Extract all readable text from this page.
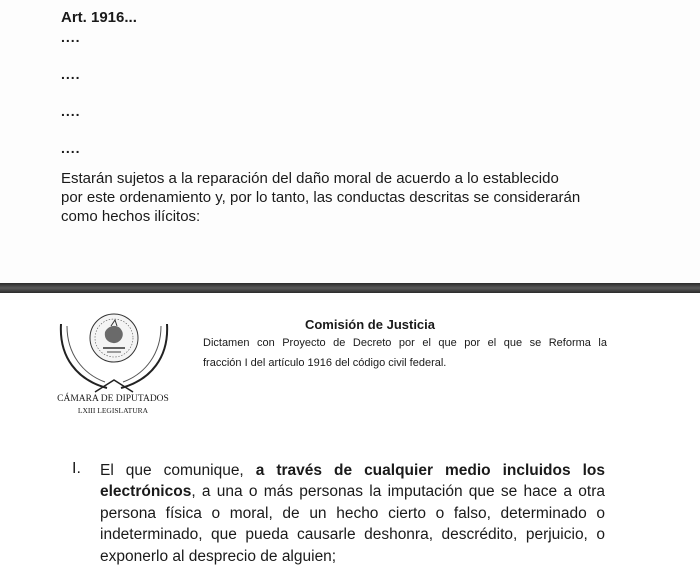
Art. 1916...

....
....
....
....

Estarán sujetos a la reparación del daño moral de acuerdo a lo establecido
por este ordenamiento y, por lo tanto, las conductas descritas se considerarán
como hechos ilícitos:

CÁMARA DE DIPUTADOS

LXIII LEGISLATURA

Comisión de Justicia

Dictamen con Proyecto de Decreto por el que por el que se Reforma la
fracción I del artículo 1916 del código civil federal.

I. El que comunique, a través de cualquier medio incluidos los
electrónicos, a una o más personas la imputación que se hace a otra
persona física o moral, de un hecho cierto o falso, determinado o
indeterminado, que pueda causarle deshonra, descrédito, perjuicio, o
exponerlo al desprecio de alguien;
